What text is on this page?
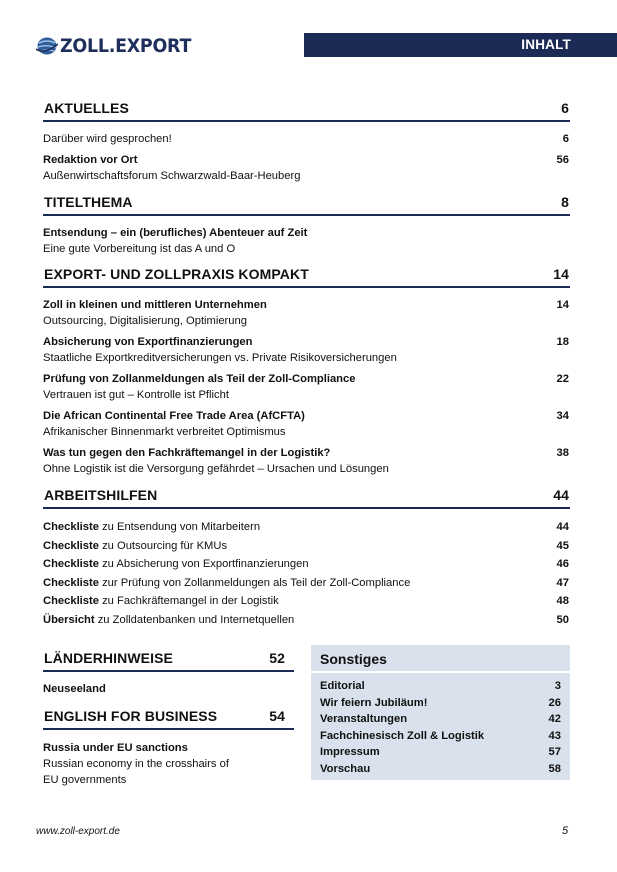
ZOLL.EXPORT	INHALT
AKTUELLES	6
Darüber wird gesprochen!	6
Redaktion vor Ort	56
Außenwirtschaftsforum Schwarzwald-Baar-Heuberg
TITELTHEMA	8
Entsendung – ein (berufliches) Abenteuer auf Zeit
Eine gute Vorbereitung ist das A und O
EXPORT- UND ZOLLPRAXIS KOMPAKT	14
Zoll in kleinen und mittleren Unternehmen	14
Outsourcing, Digitalisierung, Optimierung
Absicherung von Exportfinanzierungen	18
Staatliche Exportkreditversicherungen vs. Private Risikoversicherungen
Prüfung von Zollanmeldungen als Teil der Zoll-Compliance	22
Vertrauen ist gut – Kontrolle ist Pflicht
Die African Continental Free Trade Area (AfCFTA)	34
Afrikanischer Binnenmarkt verbreitet Optimismus
Was tun gegen den Fachkräftemangel in der Logistik?	38
Ohne Logistik ist die Versorgung gefährdet – Ursachen und Lösungen
ARBEITSHILFEN	44
Checkliste zu Entsendung von Mitarbeitern	44
Checkliste zu Outsourcing für KMUs	45
Checkliste zu Absicherung von Exportfinanzierungen	46
Checkliste zur Prüfung von Zollanmeldungen als Teil der Zoll-Compliance	47
Checkliste zu Fachkräftemangel in der Logistik	48
Übersicht zu Zolldatenbanken und Internetquellen	50
LÄNDERHINWEISE	52
Neuseeland
ENGLISH FOR BUSINESS	54
Russia under EU sanctions
Russian economy in the crosshairs of
EU governments
Sonstiges
Editorial	3
Wir feiern Jubiläum!	26
Veranstaltungen	42
Fachchinesisch Zoll & Logistik	43
Impressum	57
Vorschau	58
www.zoll-export.de	5
